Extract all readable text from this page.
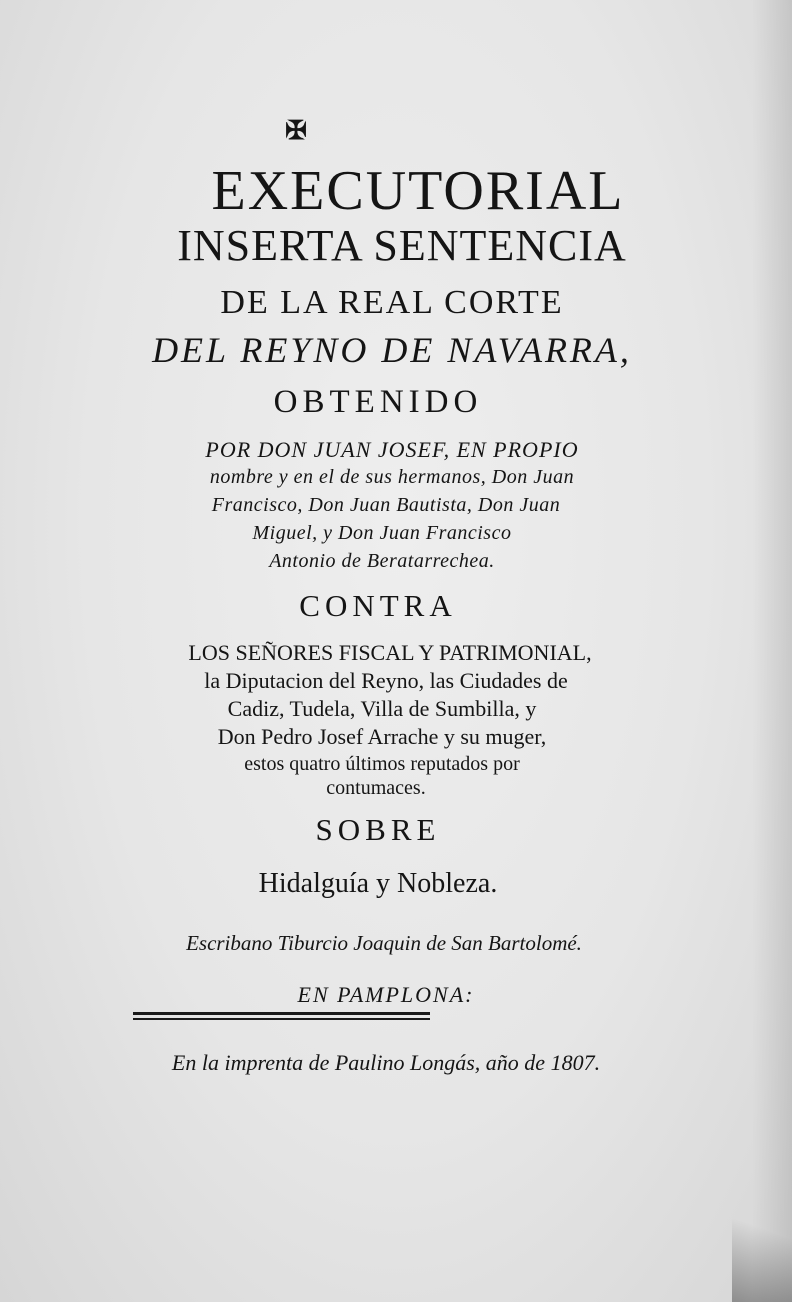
✠
EXECUTORIAL
INSERTA SENTENCIA
DE LA REAL CORTE
DEL REYNO DE NAVARRA,
OBTENIDO
POR DON JUAN JOSEF, EN PROPIO
nombre y en el de sus hermanos, Don Juan
Francisco, Don Juan Bautista, Don Juan
Miguel, y Don Juan Francisco
Antonio de Beratarrechea.
CONTRA
LOS SEÑORES FISCAL Y PATRIMONIAL,
la Diputacion del Reyno, las Ciudades de
Cadiz, Tudela, Villa de Sumbilla, y
Don Pedro Josef Arrache y su muger,
estos quatro últimos reputados por
contumaces.
SOBRE
Hidalguía y Nobleza.
Escribano Tiburcio Joaquin de San Bartolomé.
EN PAMPLONA:
En la imprenta de Paulino Longás, año de 1807.
